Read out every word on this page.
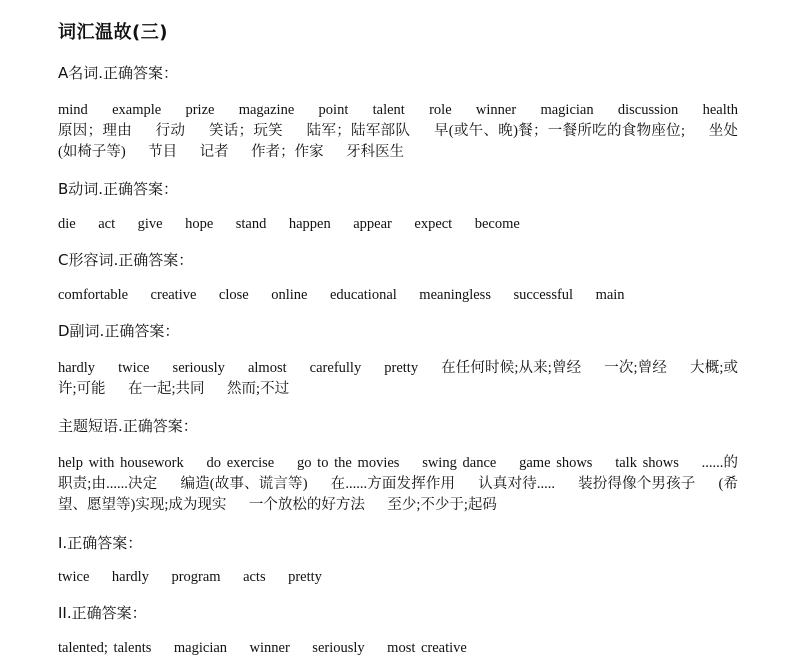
词汇温故(三)
A名词.正确答案：
mind    example    prize    magazine    point    talent    role    winner    magician    discussion    health    原因；理由    行动    笑话；玩笑    陆军；陆军部队    早(或午、晚)餐；一餐所吃的食物座位;    坐处(如椅子等)    节目    记者    作者；作家    牙科医生
B动词.正确答案：
die    act    give    hope    stand    happen    appear    expect    become
C形容词.正确答案：
comfortable    creative    close    online    educational    meaningless    successful    main
D副词.正确答案：
hardly    twice    seriously    almost    carefully    pretty    在任何时候;从来;曾经    一次;曾经    大概;或许;可能    在一起;共同    然而;不过
主题短语.正确答案：
help with housework    do exercise    go to the movies    swing dance    game shows    talk shows    ......的职责;由......决定    编造(故事、谎言等)    在......方面发挥作用    认真对待.....    装扮得像个男孩子    (希望、愿望等)实现;成为现实    一个放松的好方法    至少;不少于;起码
I.正确答案：
twice    hardly    program    acts    pretty
II.正确答案：
talented; talents    magician    winner    seriously    most creative
